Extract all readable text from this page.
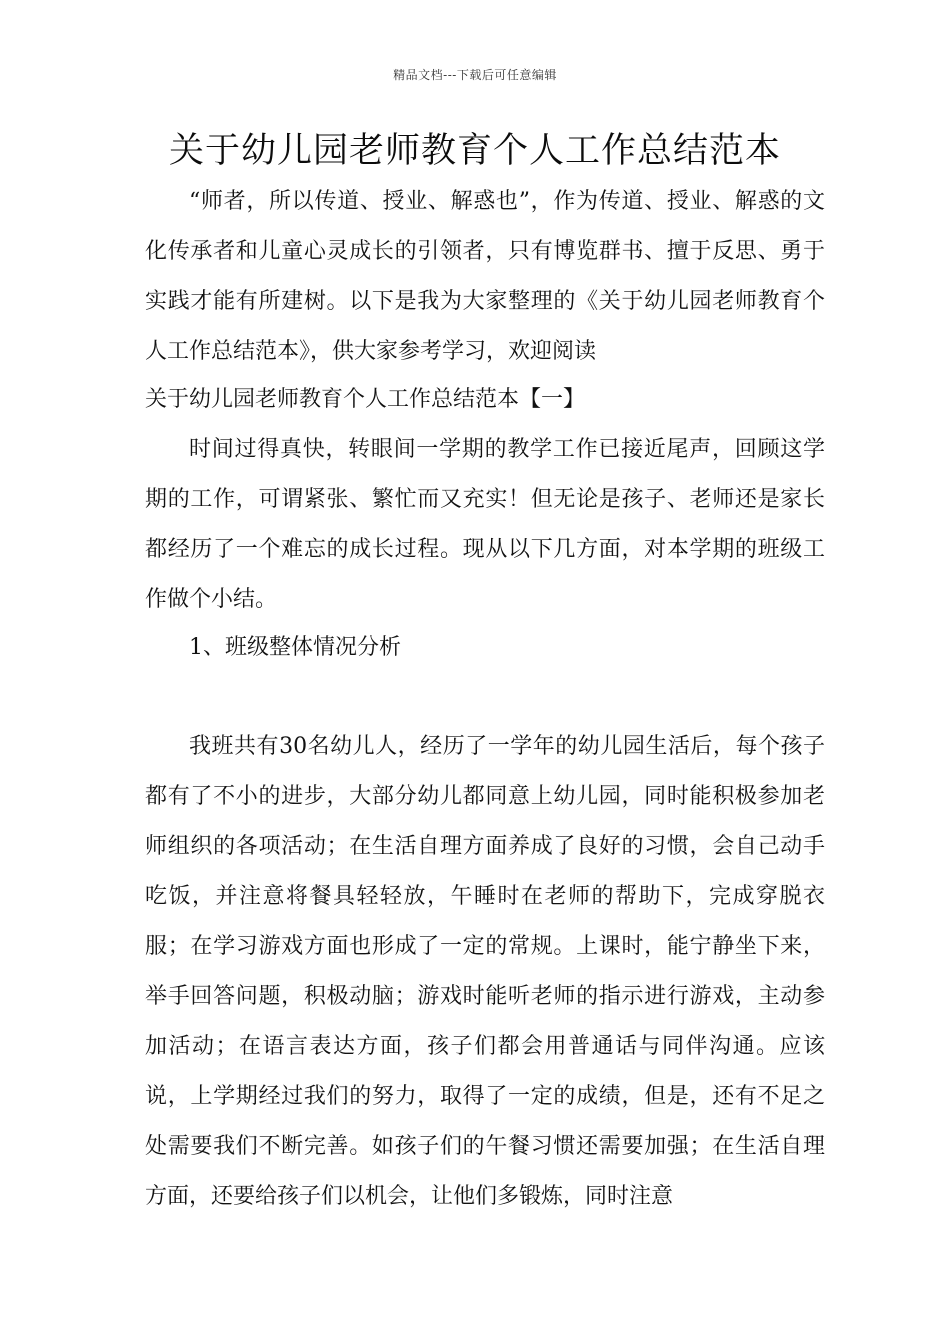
精品文档---下载后可任意编辑
关于幼儿园老师教育个人工作总结范本

“师者，所以传道、授业、解惑也”，作为传道、授业、解惑的文化传承者和儿童心灵成长的引领者，只有博览群书、擅于反思、勇于实践才能有所建树。以下是我为大家整理的《关于幼儿园老师教育个人工作总结范本》，供大家参考学习，欢迎阅读

关于幼儿园老师教育个人工作总结范本【一】

时间过得真快，转眼间一学期的教学工作已接近尾声，回顾这学期的工作，可谓紧张、繁忙而又充实！但无论是孩子、老师还是家长都经历了一个难忘的成长过程。现从以下几方面，对本学期的班级工作做个小结。

1、班级整体情况分析

我班共有30名幼儿人，经历了一学年的幼儿园生活后，每个孩子都有了不小的进步，大部分幼儿都同意上幼儿园，同时能积极参加老师组织的各项活动；在生活自理方面养成了良好的习惯，会自己动手吃饭，并注意将餐具轻轻放，午睡时在老师的帮助下，完成穿脱衣服；在学习游戏方面也形成了一定的常规。上课时，能宁静坐下来，举手回答问题，积极动脑；游戏时能听老师的指示进行游戏，主动参加活动；在语言表达方面，孩子们都会用普通话与同伴沟通。应该说，上学期经过我们的努力，取得了一定的成绩，但是，还有不足之处需要我们不断完善。如孩子们的午餐习惯还需要加强；在生活自理方面，还要给孩子们以机会，让他们多锻炼，同时注意
